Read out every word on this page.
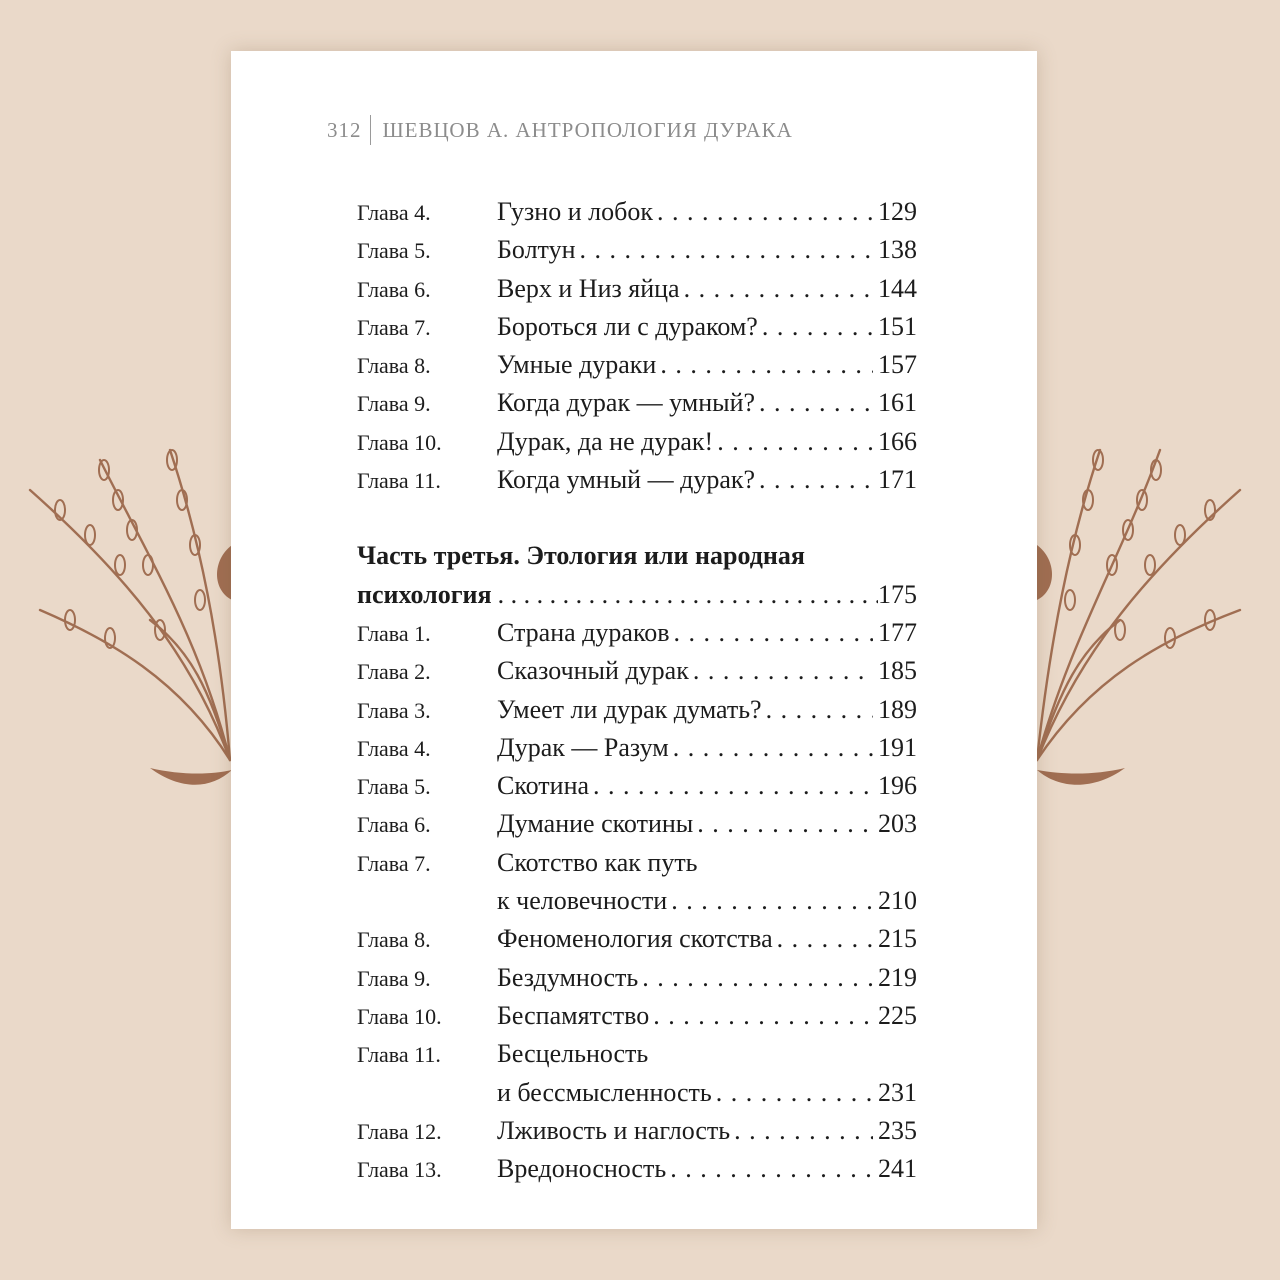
312	ШЕВЦОВ А. АНТРОПОЛОГИЯ ДУРАКА
Глава 4.	Гузно и лобок . . .	129
Глава 5.	Болтун . . .	138
Глава 6.	Верх и Низ яйца . . .	144
Глава 7.	Бороться ли с дураком? . . .	151
Глава 8.	Умные дураки . . .	157
Глава 9.	Когда дурак — умный? . . .	161
Глава 10.	Дурак, да не дурак! . . .	166
Глава 11.	Когда умный — дурак? . . .	171
Часть третья. Этология или народная
психология . . .	175
Глава 1.	Страна дураков . . .	177
Глава 2.	Сказочный дурак . . .	185
Глава 3.	Умеет ли дурак думать? . . .	189
Глава 4.	Дурак — Разум . . .	191
Глава 5.	Скотина . . .	196
Глава 6.	Думание скотины . . .	203
Глава 7.	Скотство как путь
к человечности . . .	210
Глава 8.	Феноменология скотства . . .	215
Глава 9.	Бездумность . . .	219
Глава 10.	Беспамятство . . .	225
Глава 11.	Бесцельность
и бессмысленность . . .	231
Глава 12.	Лживость и наглость . . .	235
Глава 13.	Вредоносность . . .	241
